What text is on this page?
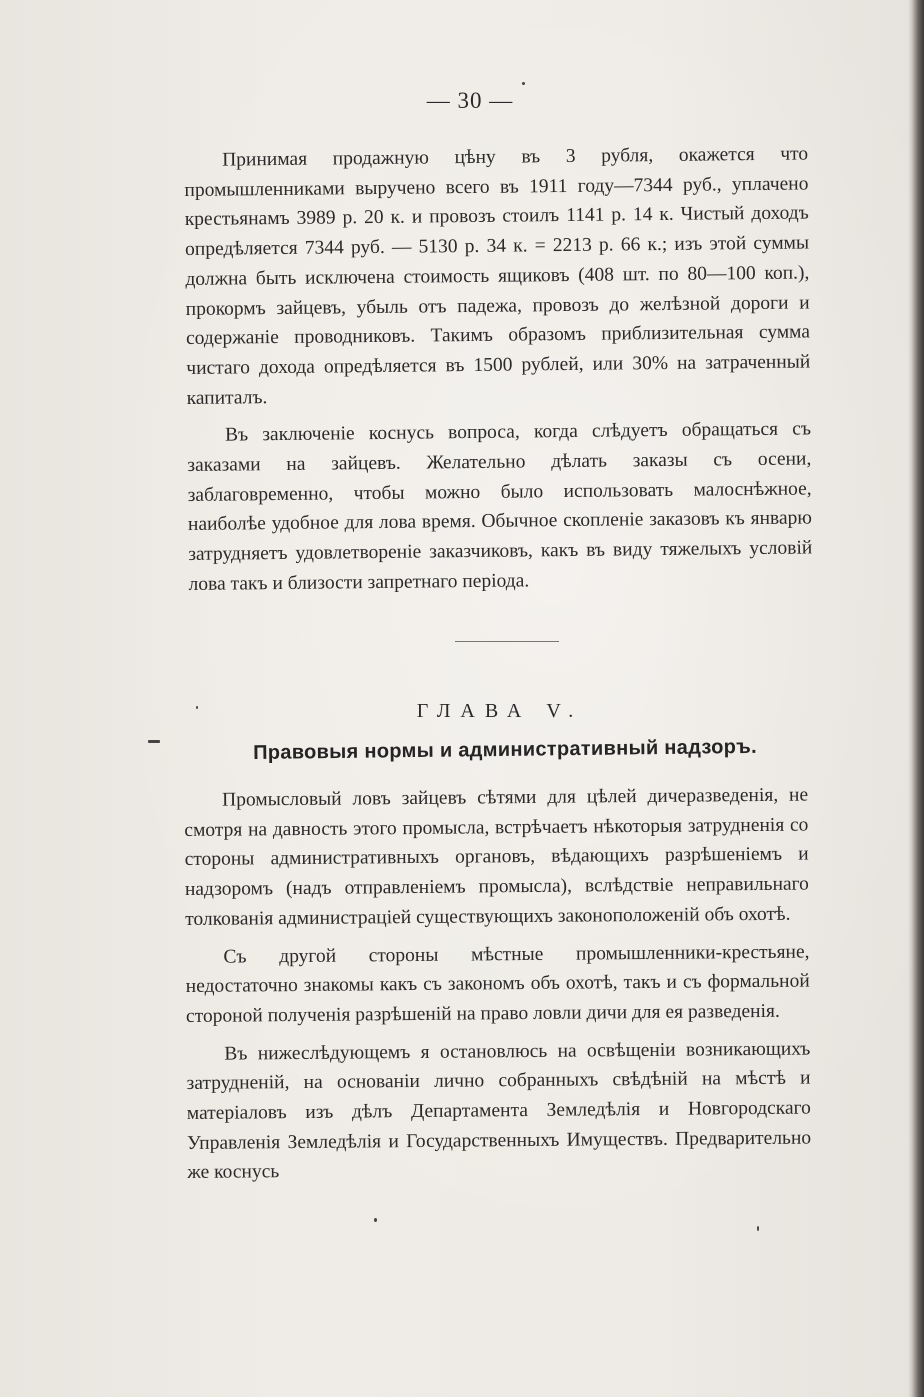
— 30 —

Принимая продажную цѣну въ 3 рубля, окажется что промышленниками выручено всего въ 1911 году—7344 руб., уплачено крестьянамъ 3989 р. 20 к. и провозъ стоилъ 1141 р. 14 к. Чистый доходъ опредѣляется 7344 руб. — 5130 р. 34 к. = 2213 р. 66 к.; изъ этой суммы должна быть исключена стоимость ящиковъ (408 шт. по 80—100 коп.), прокормъ зайцевъ, убыль отъ падежа, провозъ до желѣзной дороги и содержаніе проводниковъ. Такимъ образомъ приблизительная сумма чистаго дохода опредѣляется въ 1500 рублей, или 30% на затраченный капиталъ.

Въ заключеніе коснусь вопроса, когда слѣдуетъ обращаться съ заказами на зайцевъ. Желательно дѣлать заказы съ осени, заблаговременно, чтобы можно было использовать малоснѣжное, наиболѣе удобное для лова время. Обычное скопленіе заказовъ къ январю затрудняетъ удовлетвореніе заказчиковъ, какъ въ виду тяжелыхъ условій лова такъ и близости запретнаго періода.

ГЛАВА V.
Правовыя нормы и административный надзоръ.

Промысловый ловъ зайцевъ сѣтями для цѣлей дичеразведенія, не смотря на давность этого промысла, встрѣчаетъ нѣкоторыя затрудненія со стороны административныхъ органовъ, вѣдающихъ разрѣшеніемъ и надзоромъ (надъ отправленіемъ промысла), вслѣдствіе неправильнаго толкованія администраціей существующихъ законоположеній объ охотѣ.

Съ другой стороны мѣстные промышленники-крестьяне, недостаточно знакомы какъ съ закономъ объ охотѣ, такъ и съ формальной стороной полученія разрѣшеній на право ловли дичи для ея разведенія.

Въ нижеслѣдующемъ я остановлюсь на освѣщеніи возникающихъ затрудненій, на основаніи лично собранныхъ свѣдѣній на мѣстѣ и матеріаловъ изъ дѣлъ Департамента Земледѣлія и Новгородскаго Управленія Земледѣлія и Государственныхъ Имуществъ. Предварительно же коснусь
